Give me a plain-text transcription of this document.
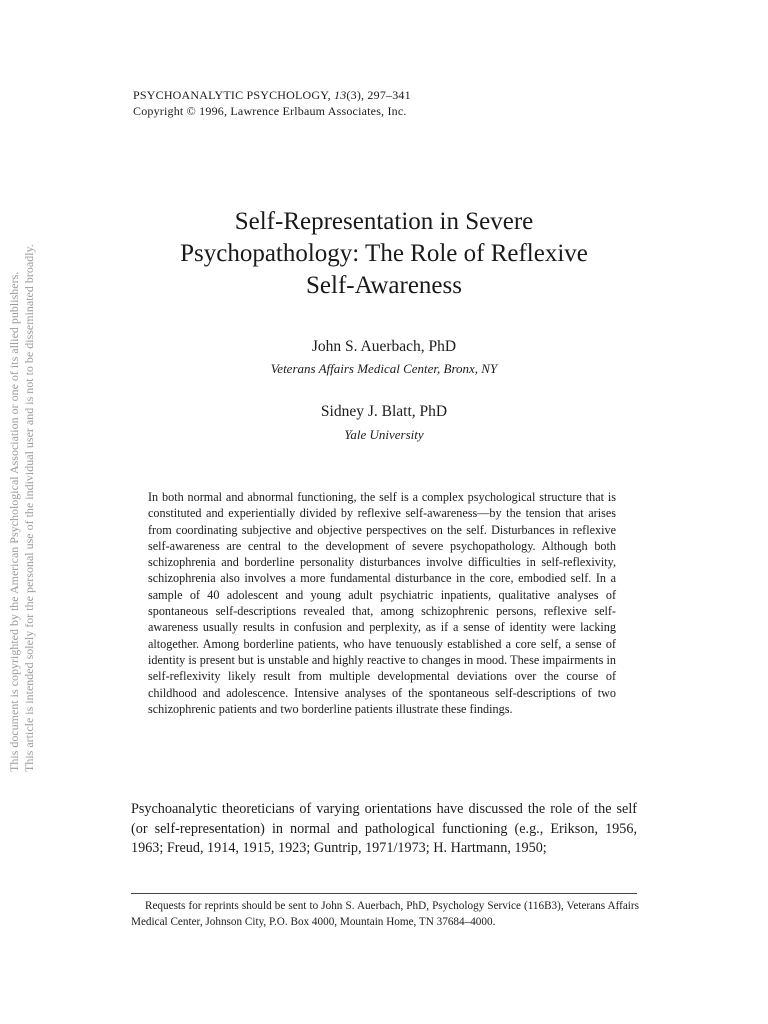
PSYCHOANALYTIC PSYCHOLOGY, 13(3), 297–341
Copyright © 1996, Lawrence Erlbaum Associates, Inc.
This document is copyrighted by the American Psychological Association or one of its allied publishers. This article is intended solely for the personal use of the individual user and is not to be disseminated broadly.
Self-Representation in Severe
Psychopathology: The Role of Reflexive
Self-Awareness
John S. Auerbach, PhD
Veterans Affairs Medical Center, Bronx, NY
Sidney J. Blatt, PhD
Yale University
In both normal and abnormal functioning, the self is a complex psychological structure that is constituted and experientially divided by reflexive self-awareness—by the tension that arises from coordinating subjective and objective perspectives on the self. Disturbances in reflexive self-awareness are central to the development of severe psychopathology. Although both schizophrenia and borderline personality disturbances involve difficulties in self-reflexivity, schizophrenia also involves a more fundamental disturbance in the core, embodied self. In a sample of 40 adolescent and young adult psychiatric inpatients, qualitative analyses of spontaneous self-descriptions revealed that, among schizophrenic persons, reflexive self-awareness usually results in confusion and perplexity, as if a sense of identity were lacking altogether. Among borderline patients, who have tenuously established a core self, a sense of identity is present but is unstable and highly reactive to changes in mood. These impairments in self-reflexivity likely result from multiple developmental deviations over the course of childhood and adolescence. Intensive analyses of the spontaneous self-descriptions of two schizophrenic patients and two borderline patients illustrate these findings.
Psychoanalytic theoreticians of varying orientations have discussed the role of the self (or self-representation) in normal and pathological functioning (e.g., Erikson, 1956, 1963; Freud, 1914, 1915, 1923; Guntrip, 1971/1973; H. Hartmann, 1950;
Requests for reprints should be sent to John S. Auerbach, PhD, Psychology Service (116B3), Veterans Affairs Medical Center, Johnson City, P.O. Box 4000, Mountain Home, TN 37684–4000.
